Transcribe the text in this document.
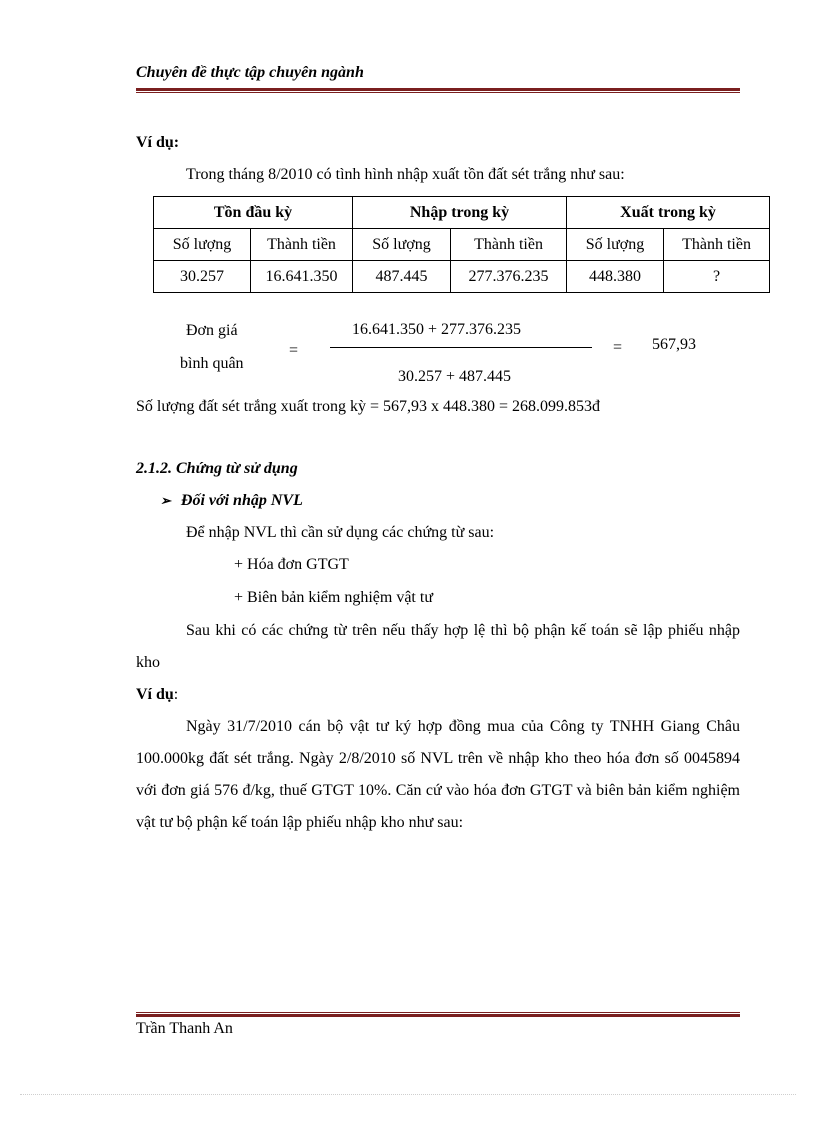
Chuyên đề thực tập chuyên ngành
Ví dụ:
Trong tháng 8/2010 có tình hình nhập xuất tồn đất sét trắng như sau:
Tồn đầu kỳ		Nhập trong kỳ		Xuất trong kỳ	
Số lượng	Thành tiền	Số lượng	Thành tiền	Số lượng	Thành tiền
30.257	16.641.350	487.445	277.376.235	448.380	?
Đơn giá
bình quân
=
16.641.350 + 277.376.235
30.257 + 487.445
= 567,93
Số lượng đất sét trắng xuất trong kỳ = 567,93 x 448.380 = 268.099.853đ
2.1.2. Chứng từ sử dụng
➢ Đối với nhập NVL
Để nhập NVL thì cần sử dụng các chứng từ sau:
+ Hóa đơn GTGT
+ Biên bản kiểm nghiệm vật tư
Sau khi có các chứng từ trên nếu thấy hợp lệ thì bộ phận kế toán sẽ lập phiếu nhập kho
Ví dụ:
Ngày 31/7/2010 cán bộ vật tư ký hợp đồng mua của Công ty TNHH Giang Châu 100.000kg đất sét trắng. Ngày 2/8/2010 số NVL trên về nhập kho theo hóa đơn số 0045894 với đơn giá 576 đ/kg, thuế GTGT 10%. Căn cứ vào hóa đơn GTGT và biên bản kiểm nghiệm vật tư bộ phận kế toán lập phiếu nhập kho như sau:
Trần Thanh An
